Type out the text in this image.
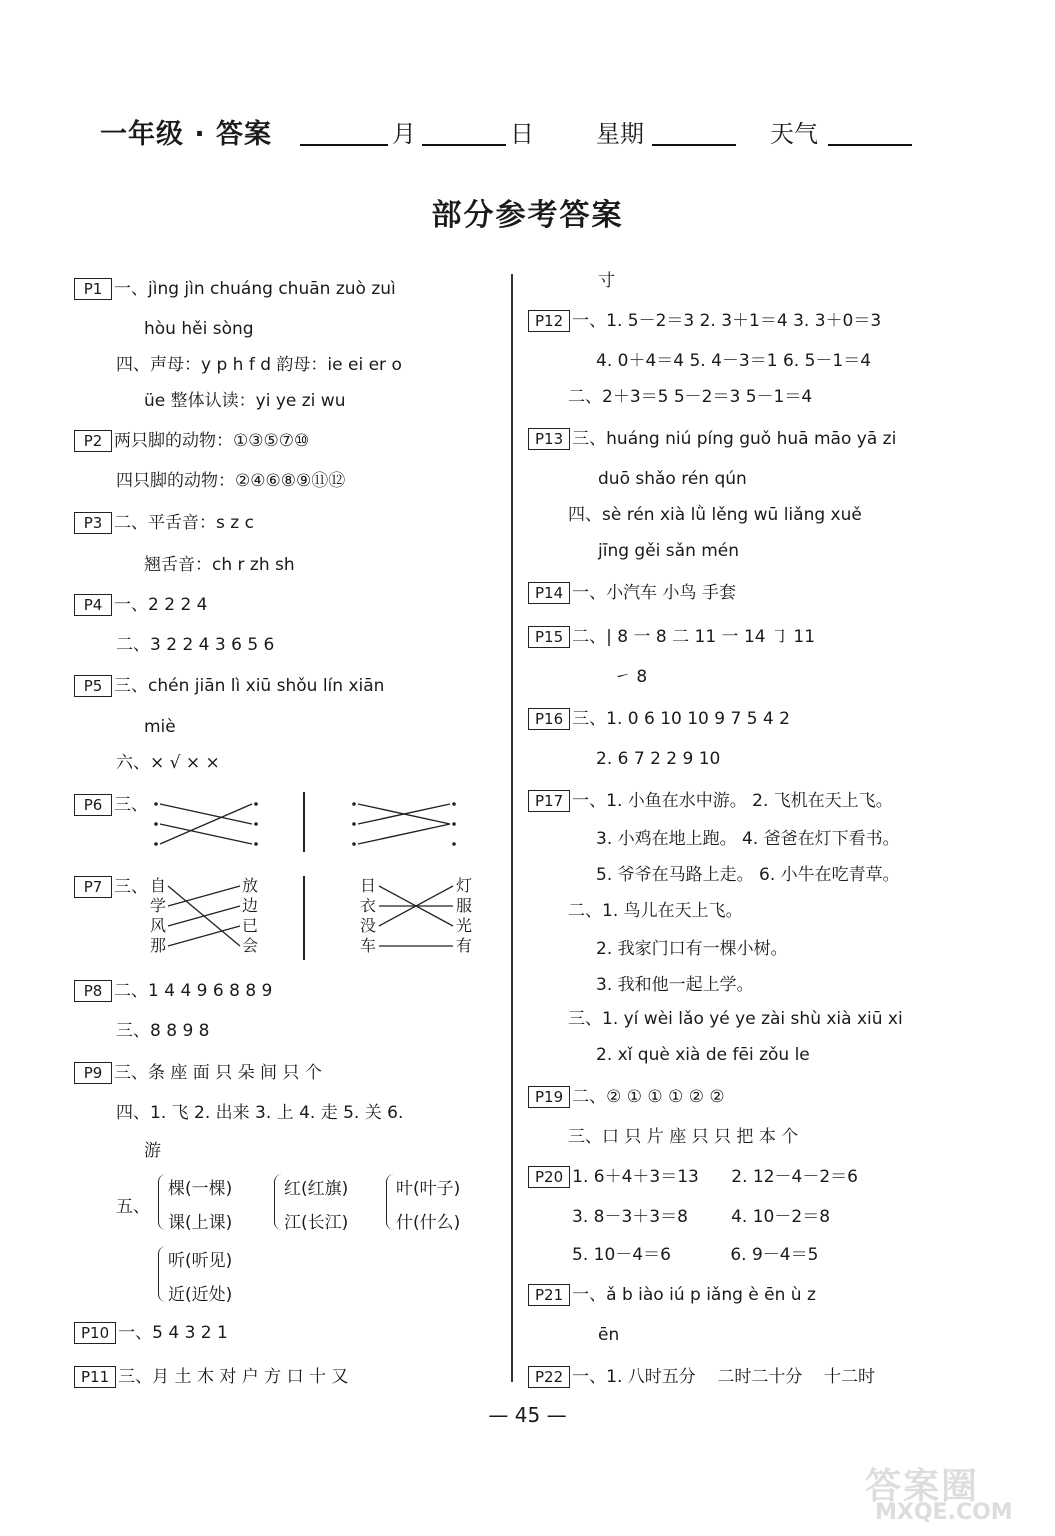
一年级 · 答案	月	日	星期	天气
部分参考答案
P1 一、jìng jìn chuáng chuān zuò zuì
hòu hěi sòng
四、声母：y p h f d 韵母：ie ei er o
üe 整体认读：yi ye zi wu
P2 两只脚的动物：①③⑤⑦⑩
四只脚的动物：②④⑥⑧⑨⑪⑫
P3 二、平舌音：s z c
翘舌音：ch r zh sh
P4 一、2 2 2 4
二、3 2 2 4 3 6 5 6
P5 三、chén jiān lì xiū shǒu lín xiān
miè
六、× √ × ×
P6 三、
P7 三、 自
学
风
那
放
边
已
会
日
衣
没
车
灯
服
光
有
P8 二、1 4 4 9 6 8 8 9
三、8 8 9 8
P9 三、条 座 面 只 朵 间 只 个
四、1. 飞 2. 出来 3. 上 4. 走 5. 关 6.
游
五、
棵(一棵)
课(上课)
红(红旗)
江(长江)
叶(叶子)
什(什么)
听(听见)
近(近处)
P10 一、5 4 3 2 1
P11 三、月 土 木 对 户 方 口 十 又
寸
P12 一、1. 5－2＝3 2. 3＋1＝4 3. 3＋0＝3
4. 0＋4＝4 5. 4－3＝1 6. 5－1＝4
二、2＋3＝5 5－2＝3 5－1＝4
P13 三、huáng niú píng guǒ huā māo yā zi
duō shǎo rén qún
四、sè rén xià lǜ lěng wū liǎng xuě
jīng gěi sǎn mén
P14 一、小汽车 小鸟 手套
P15 二、| 8 一 8 二 11 一 14 ㇆ 11
㇀ 8
P16 三、1. 0 6 10 10 9 7 5 4 2
2. 6 7 2 2 9 10
P17 一、1. 小鱼在水中游。 2. 飞机在天上飞。
3. 小鸡在地上跑。 4. 爸爸在灯下看书。
5. 爷爷在马路上走。 6. 小牛在吃青草。
二、1. 鸟儿在天上飞。
2. 我家门口有一棵小树。
3. 我和他一起上学。
三、1. yí wèi lǎo yé ye zài shù xià xiū xi
2. xǐ què xià de fēi zǒu le
P19 二、② ① ① ① ② ②
三、口 只 片 座 只 只 把 本 个
P20 1. 6＋4＋3＝13      2. 12－4－2＝6
3. 8－3＋3＝8        4. 10－2＝8
5. 10－4＝6           6. 9－4＝5
P21 一、ǎ b iào iú p iǎng è ēn ù z
ēn
P22 一、1. 八时五分    二时二十分    十二时
— 45 —
答案圈
MXQE.COM
